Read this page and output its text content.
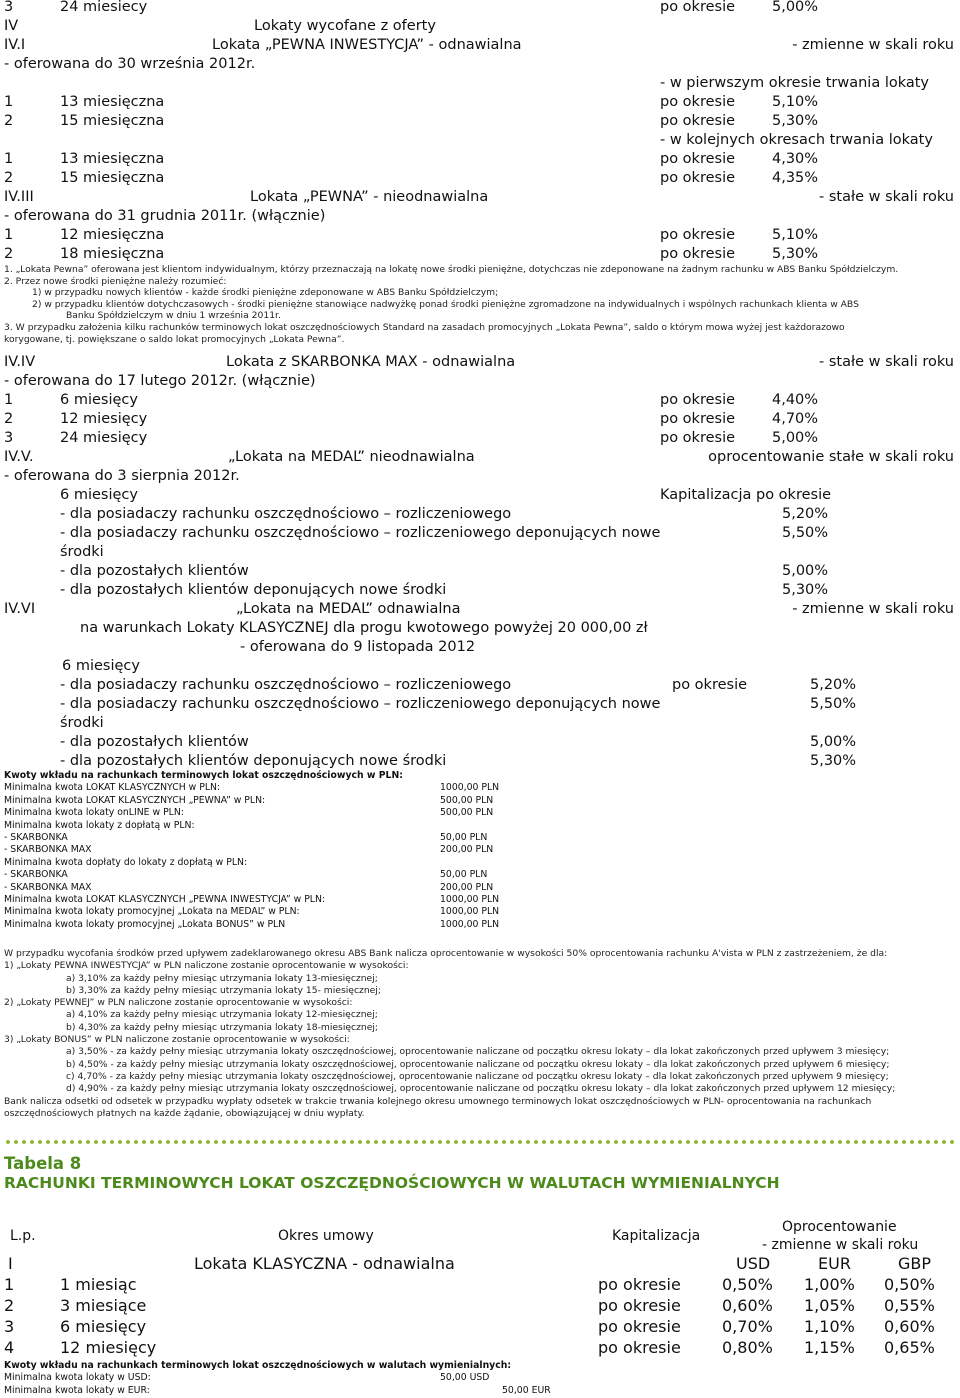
3	24 miesiecy	po okresie	5,00%
IV	Lokaty wycofane z oferty
IV.I	Lokata „PEWNA INWESTYCJA” - odnawialna	- zmienne w skali roku
- oferowana do 30 września 2012r.
- w pierwszym okresie trwania lokaty
1	13 miesięczna	po okresie	5,10%
2	15 miesięczna	po okresie	5,30%
- w kolejnych okresach trwania lokaty
1	13 miesięczna	po okresie	4,30%
2	15 miesięczna	po okresie	4,35%
IV.III	Lokata „PEWNA” - nieodnawialna	- stałe w skali roku
- oferowana do 31 grudnia 2011r. (włącznie)
1	12 miesięczna	po okresie	5,10%
2	18 miesięczna	po okresie	5,30%

1. „Lokata Pewna” oferowana jest klientom indywidualnym, którzy przeznaczają na lokatę nowe środki pieniężne, dotychczas nie zdeponowane na żadnym rachunku w ABS Banku Spółdzielczym.

2. Przez nowe środki pieniężne należy rozumieć:

1) w przypadku nowych klientów - każde środki pieniężne zdeponowane w ABS Banku Spółdzielczym;

2) w przypadku klientów dotychczasowych - środki pieniężne stanowiące nadwyżkę ponad środki pieniężne zgromadzone na indywidualnych i wspólnych rachunkach klienta w ABS

Banku Spółdzielczym w dniu 1 września 2011r.

3. W przypadku założenia kilku rachunków terminowych lokat oszczędnościowych Standard na zasadach promocyjnych „Lokata Pewna”, saldo o którym mowa wyżej jest każdorazowo

korygowane, tj. powiększane o saldo lokat promocyjnych „Lokata Pewna”.

IV.IV	Lokata z SKARBONKA MAX - odnawialna	- stałe w skali roku
- oferowana do 17 lutego 2012r. (włącznie)
1	6 miesięcy	po okresie	4,40%
2	12 miesięcy	po okresie	4,70%
3	24 miesięcy	po okresie	5,00%
IV.V.	„Lokata na MEDAL” nieodnawialna	oprocentowanie stałe w skali roku
- oferowana do 3 sierpnia 2012r.
6 miesięcy	Kapitalizacja po okresie
- dla posiadaczy rachunku oszczędnościowo – rozliczeniowego	5,20%
- dla posiadaczy rachunku oszczędnościowo – rozliczeniowego deponujących nowe	5,50%
środki
- dla pozostałych klientów	5,00%
- dla pozostałych klientów deponujących nowe środki	5,30%
IV.VI	„Lokata na MEDAL” odnawialna	- zmienne w skali roku
na warunkach Lokaty KLASYCZNEJ dla progu kwotowego powyżej 20 000,00 zł
- oferowana do 9 listopada 2012
6 miesięcy
- dla posiadaczy rachunku oszczędnościowo – rozliczeniowego	po okresie	5,20%
- dla posiadaczy rachunku oszczędnościowo – rozliczeniowego deponujących nowe	5,50%
środki
- dla pozostałych klientów	5,00%
- dla pozostałych klientów deponujących nowe środki	5,30%
Kwoty wkładu na rachunkach terminowych lokat oszczędnościowych w PLN:
Minimalna kwota LOKAT KLASYCZNYCH w PLN:	1000,00 PLN
Minimalna kwota LOKAT KLASYCZNYCH „PEWNA” w PLN:	500,00 PLN
Minimalna kwota lokaty onLINE w PLN:	500,00 PLN
Minimalna kwota lokaty z dopłatą w PLN:
- SKARBONKA	50,00 PLN
- SKARBONKA MAX	200,00 PLN
Minimalna kwota dopłaty do lokaty z dopłatą w PLN:
- SKARBONKA	50,00 PLN
- SKARBONKA MAX	200,00 PLN
Minimalna kwota LOKAT KLASYCZNYCH „PEWNA INWESTYCJA” w PLN:	1000,00 PLN
Minimalna kwota lokaty promocyjnej „Lokata na MEDAL” w PLN:	1000,00 PLN
Minimalna kwota lokaty promocyjnej „Lokata BONUS” w PLN	1000,00 PLN

W przypadku wycofania środków przed upływem zadeklarowanego okresu ABS Bank nalicza oprocentowanie w wysokości 50% oprocentowania rachunku A'vista w PLN z zastrzeżeniem, że dla:

1) „Lokaty PEWNA INWESTYCJA” w PLN naliczone zostanie oprocentowanie w wysokości:

a) 3,10% za każdy pełny miesiąc utrzymania lokaty 13-miesięcznej;

b) 3,30% za każdy pełny miesiąc utrzymania lokaty 15- miesięcznej;

2) „Lokaty PEWNEJ” w PLN naliczone zostanie oprocentowanie w wysokości:

a) 4,10% za każdy pełny miesiąc utrzymania lokaty 12-miesięcznej;

b) 4,30% za każdy pełny miesiąc utrzymania lokaty 18-miesięcznej;

3) „Lokaty BONUS” w PLN naliczone zostanie oprocentowanie w wysokości:

a) 3,50% - za każdy pełny miesiąc utrzymania lokaty oszczędnościowej, oprocentowanie naliczane od początku okresu lokaty – dla lokat zakończonych przed upływem 3 miesięcy;

b) 4,50% - za każdy pełny miesiąc utrzymania lokaty oszczędnościowej, oprocentowanie naliczane od początku okresu lokaty – dla lokat zakończonych przed upływem 6 miesięcy;

c) 4,70% - za każdy pełny miesiąc utrzymania lokaty oszczędnościowej, oprocentowanie naliczane od początku okresu lokaty – dla lokat zakończonych przed upływem 9 miesięcy;

d) 4,90% - za każdy pełny miesiąc utrzymania lokaty oszczędnościowej, oprocentowanie naliczane od początku okresu lokaty – dla lokat zakończonych przed upływem 12 miesięcy;

Bank nalicza odsetki od odsetek w przypadku wypłaty odsetek w trakcie trwania kolejnego okresu umownego terminowych lokat oszczędnościowych w PLN- oprocentowania na rachunkach

oszczędnościowych płatnych na każde żądanie, obowiązującej w dniu wypłaty.

Tabela 8
RACHUNKI TERMINOWYCH LOKAT OSZCZĘDNOŚCIOWYCH W WALUTACH WYMIENIALNYCH
L.p.	Okres umowy	Kapitalizacja
Oprocentowanie
- zmienne w skali roku
I	Lokata KLASYCZNA - odnawialna	USD	EUR	GBP
1	1 miesiąc	po okresie	0,50% 1,00% 0,50%
2	3 miesiące	po okresie	0,60% 1,05% 0,55%
3	6 miesięcy	po okresie	0,70% 1,10% 0,60%
4	12 miesięcy	po okresie	0,80% 1,15% 0,65%
Kwoty wkładu na rachunkach terminowych lokat oszczędnościowych w walutach wymienialnych:
Minimalna kwota lokaty w USD:	50,00 USD
Minimalna kwota lokaty w EUR:	50,00 EUR
